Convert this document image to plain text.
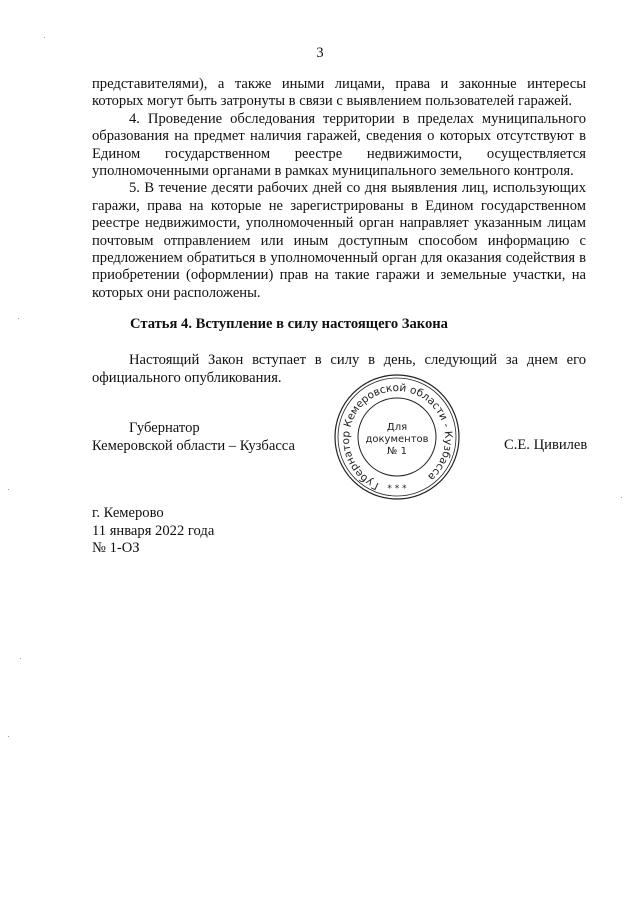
3

представителями), а также иными лицами, права и законные интересы которых могут быть затронуты в связи с выявлением пользователей гаражей.

4. Проведение обследования территории в пределах муниципального образования на предмет наличия гаражей, сведения о которых отсутствуют в Едином государственном реестре недвижимости, осуществляется уполномоченными органами в рамках муниципального земельного контроля.

5. В течение десяти рабочих дней со дня выявления лиц, использующих гаражи, права на которые не зарегистрированы в Едином государственном реестре недвижимости, уполномоченный орган направляет указанным лицам почтовым отправлением или иным доступным способом информацию с предложением обратиться в уполномоченный орган для оказания содействия в приобретении (оформлении) прав на такие гаражи и земельные участки, на которых они расположены.

Статья 4. Вступление в силу настоящего Закона

Настоящий Закон вступает в силу в день, следующий за днем его официального опубликования.

Губернатор
Кемеровской области – Кузбасса
Губернатор Кемеровской области - Кузбасса
Для
документов
№ 1
* * *
С.Е. Цивилев
г. Кемерово
11 января 2022 года
№ 1-ОЗ
